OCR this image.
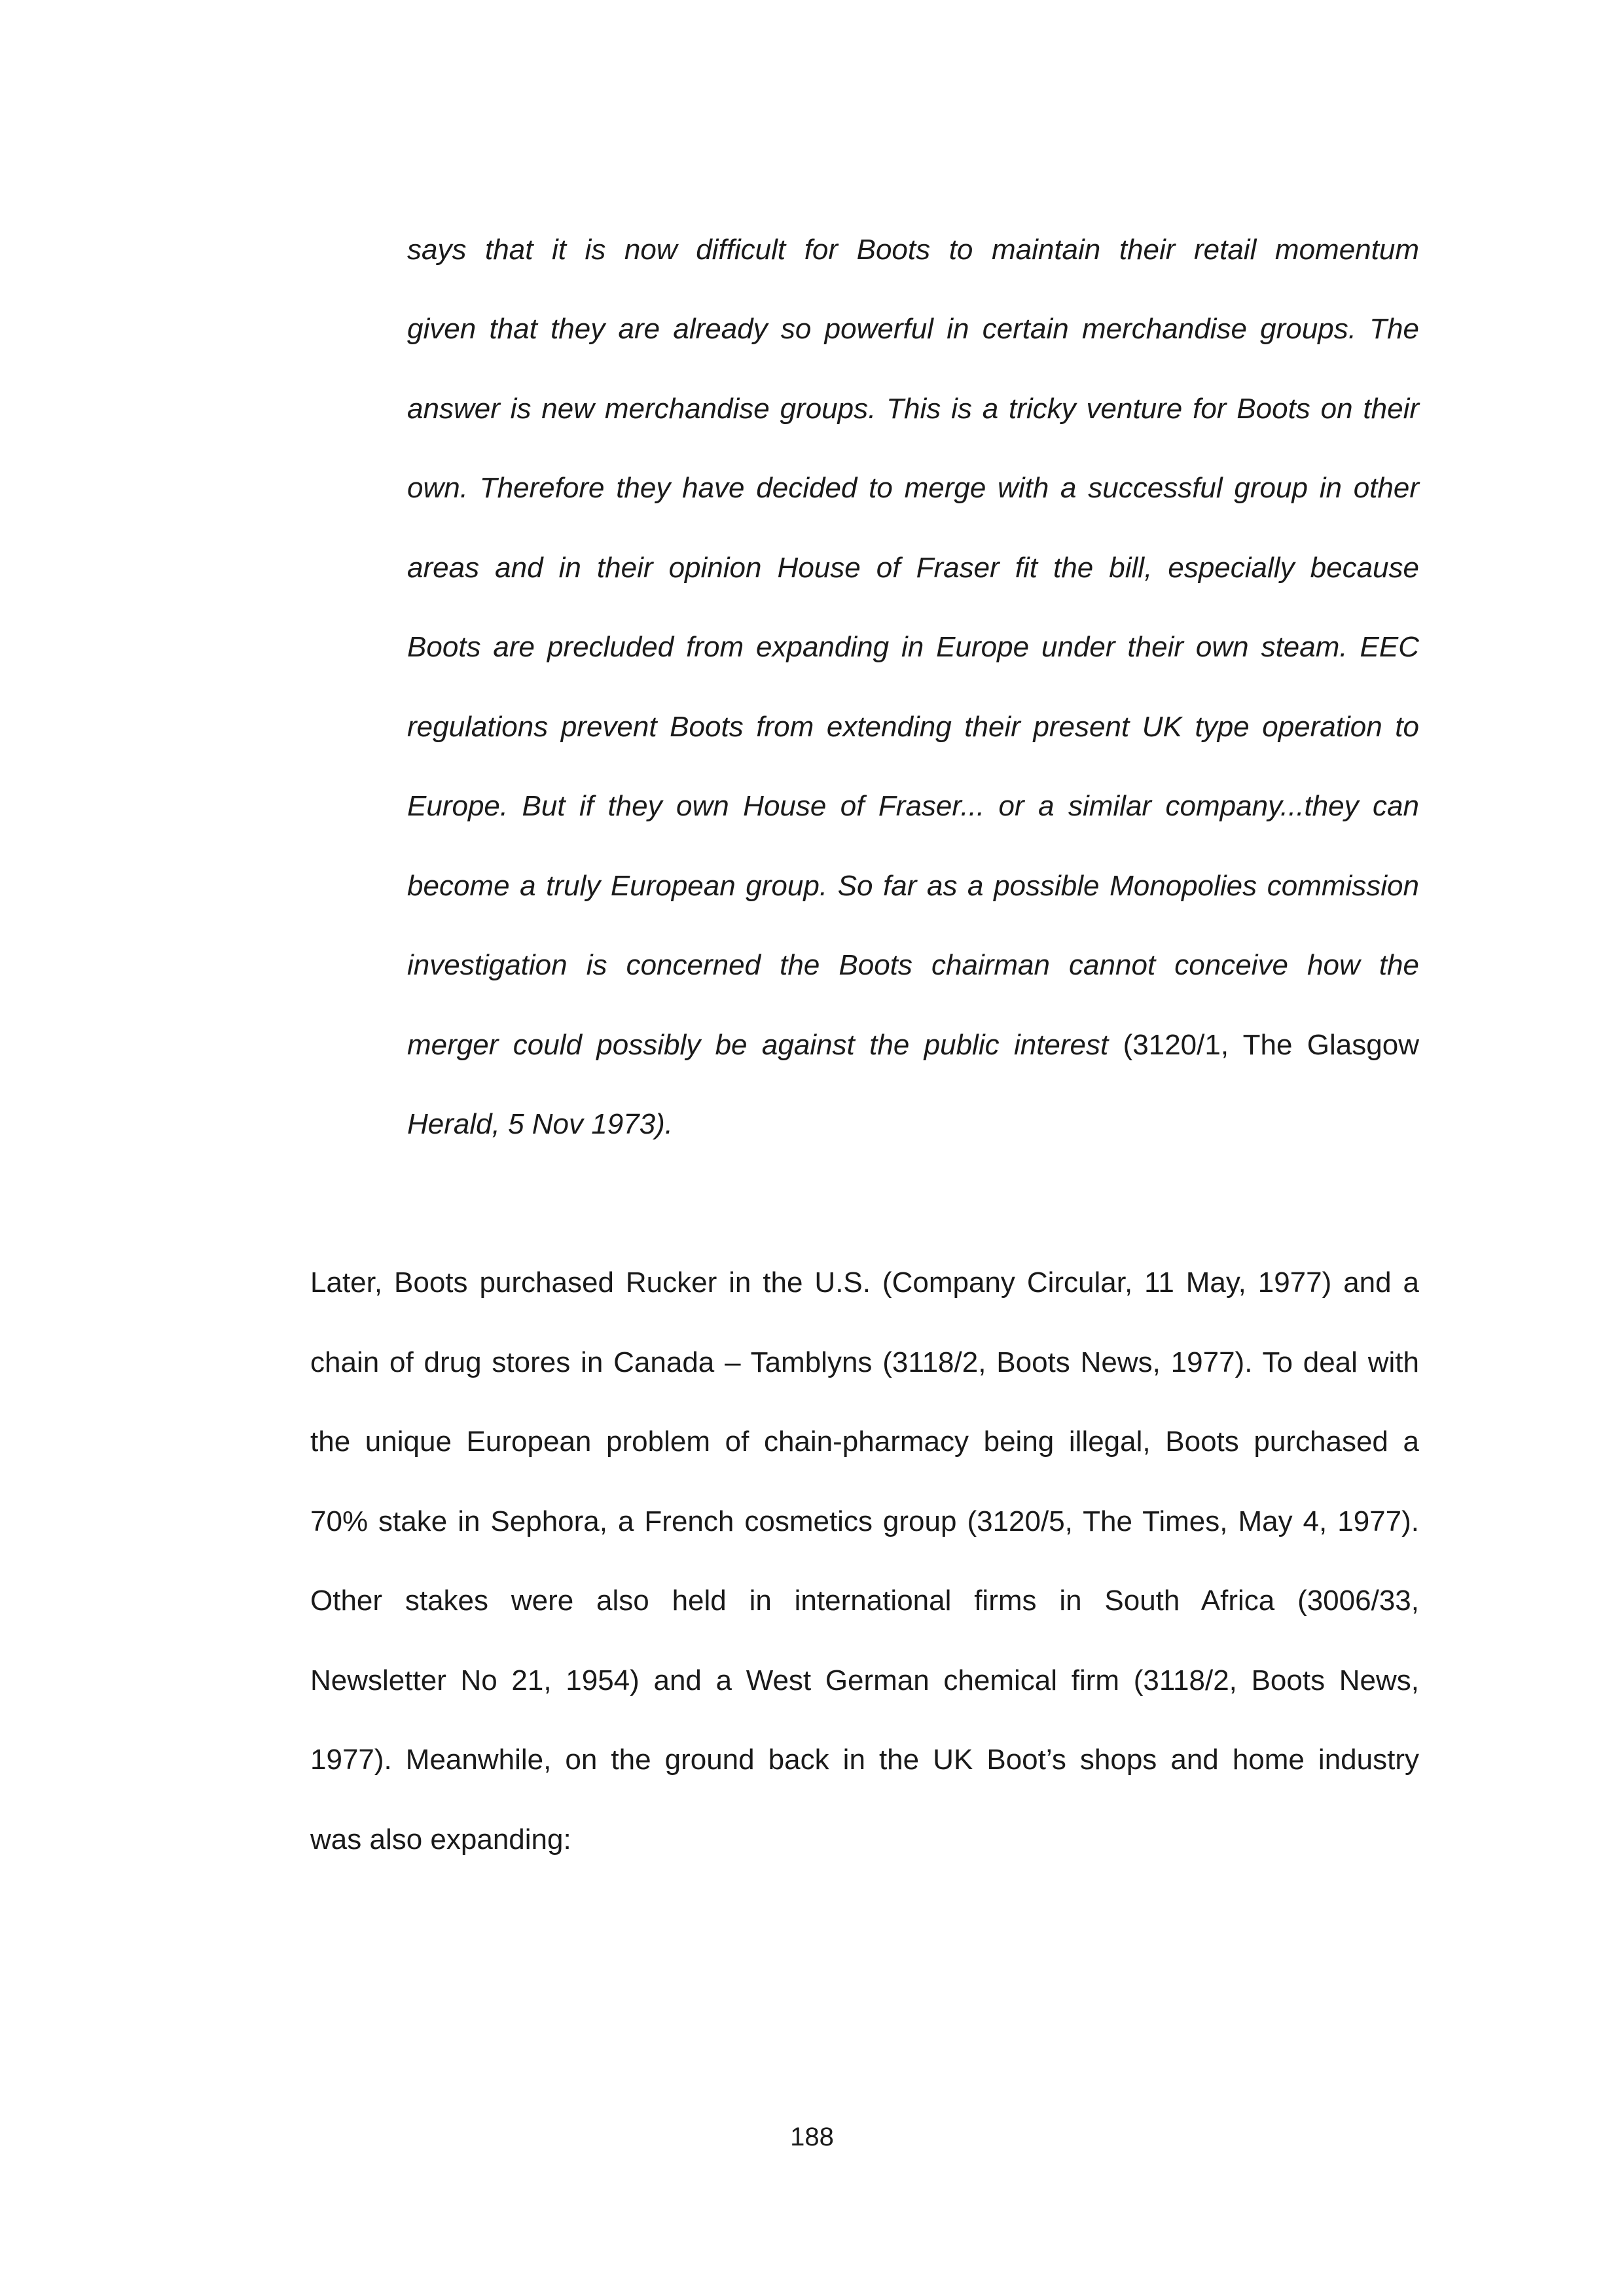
says that it is now difficult for Boots to maintain their retail momentum
given that they are already so powerful in certain merchandise groups. The
answer is new merchandise groups. This is a tricky venture for Boots on their
own. Therefore they have decided to merge with a successful group in other
areas and in their opinion House of Fraser fit the bill, especially because
Boots are precluded from expanding in Europe under their own steam. EEC
regulations prevent Boots from extending their present UK type operation to
Europe. But if they own House of Fraser... or a similar company...they can
become a truly European group. So far as a possible Monopolies commission
investigation is concerned the Boots chairman cannot conceive how the
merger could possibly be against the public interest (3120/1, The Glasgow
Herald, 5 Nov 1973).
Later, Boots purchased Rucker in the U.S. (Company Circular, 11 May, 1977) and a
chain of drug stores in Canada – Tamblyns (3118/2, Boots News, 1977). To deal with
the unique European problem of chain-pharmacy being illegal, Boots purchased a
70% stake in Sephora, a French cosmetics group (3120/5, The Times, May 4, 1977).
Other stakes were also held in international firms in South Africa (3006/33,
Newsletter No 21, 1954) and a West German chemical firm (3118/2, Boots News,
1977). Meanwhile, on the ground back in the UK Boot’s shops and home industry
was also expanding:
188
